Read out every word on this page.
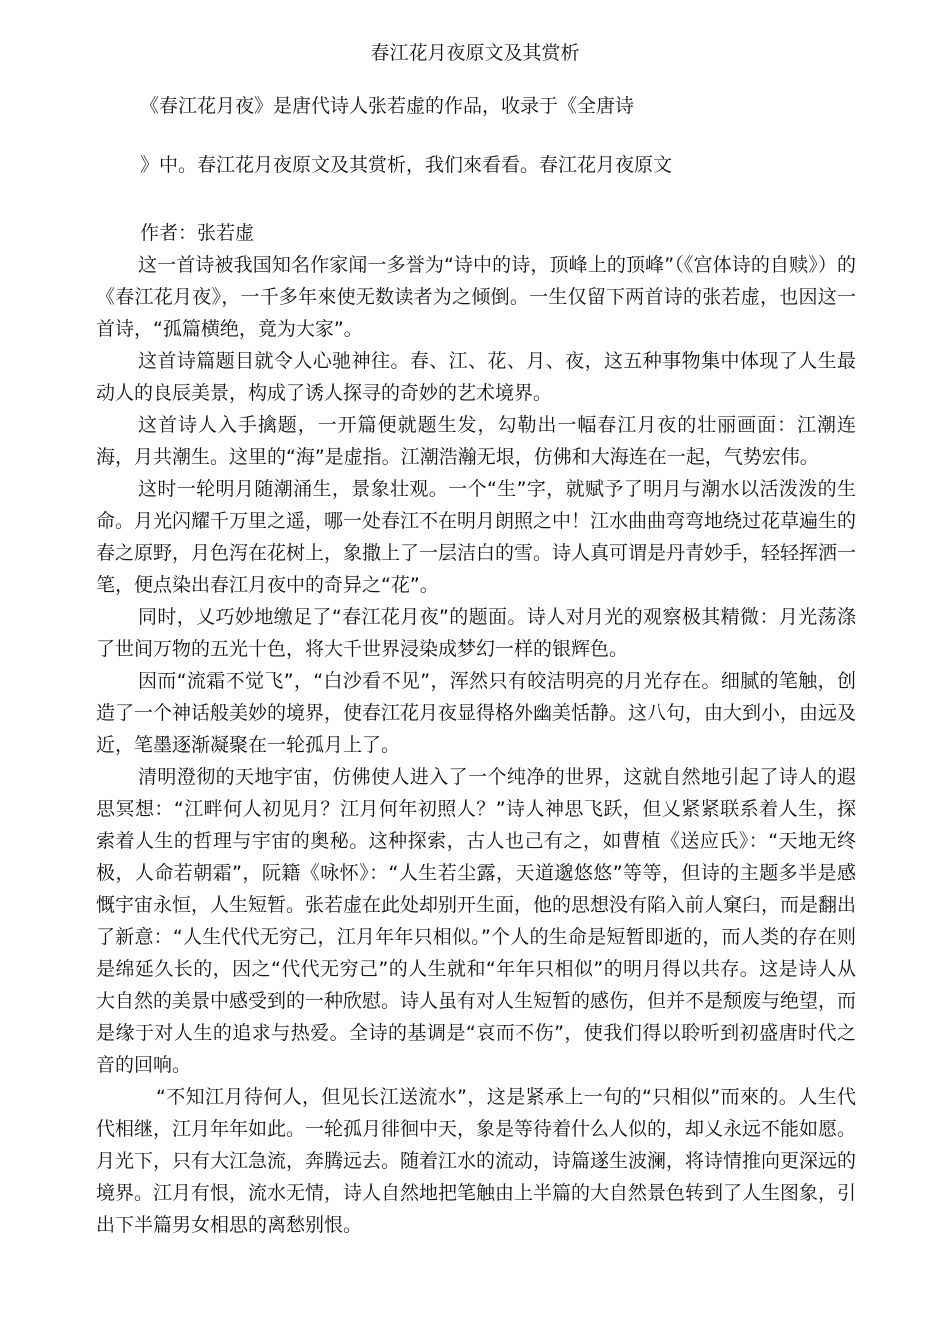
春江花月夜原文及其赏析
《春江花月夜》是唐代诗人张若虚的作品，收录于《全唐诗
》中。春江花月夜原文及其赏析，我们來看看。春江花月夜原文
作者：张若虚

这一首诗被我国知名作家闻一多誉为“诗中的诗，顶峰上的顶峰”（《宫体诗的自赎》）的《春江花月夜》，一千多年來使无数读者为之倾倒。一生仅留下两首诗的张若虚，也因这一首诗，“孤篇横绝，竟为大家”。

这首诗篇题目就令人心驰神往。春、江、花、月、夜，这五种事物集中体现了人生最动人的良辰美景，构成了诱人探寻的奇妙的艺术境界。

这首诗人入手擒题，一开篇便就题生发，勾勒出一幅春江月夜的壮丽画面：江潮连海，月共潮生。这里的“海”是虚指。江潮浩瀚无垠，仿佛和大海连在一起，气势宏伟。

这时一轮明月随潮涌生，景象壮观。一个“生”字，就赋予了明月与潮水以活泼泼的生命。月光闪耀千万里之遥，哪一处春江不在明月朗照之中！江水曲曲弯弯地绕过花草遍生的春之原野，月色泻在花树上，象撒上了一层洁白的雪。诗人真可谓是丹青妙手，轻轻挥洒一笔，便点染出春江月夜中的奇异之“花”。

同时，乂巧妙地缴足了“春江花月夜”的题面。诗人对月光的观察极其精微：月光荡涤了世间万物的五光十色，将大千世界浸染成梦幻一样的银辉色。

因而“流霜不觉飞”，“白沙看不见”，浑然只有皎洁明亮的月光存在。细腻的笔触，创造了一个神话般美妙的境界，使春江花月夜显得格外幽美恬静。这八句，由大到小，由远及近，笔墨逐渐凝聚在一轮孤月上了。

清明澄彻的天地宇宙，仿佛使人进入了一个纯净的世界，这就自然地引起了诗人的遐思冥想：“江畔何人初见月？江月何年初照人？”诗人神思飞跃，但乂紧紧联系着人生，探索着人生的哲理与宇宙的奥秘。这种探索，古人也己有之，如曹植《送应氏》：“天地无终极，人命若朝霜”，阮籍《咏怀》：“人生若尘露，天道邈悠悠”等等，但诗的主题多半是感慨宇宙永恒，人生短暂。张若虚在此处却别开生面，他的思想没有陷入前人窠臼，而是翻出了新意：“人生代代无穷己，江月年年只相似。”个人的生命是短暂即逝的，而人类的存在则是绵延久长的，因之“代代无穷己”的人生就和“年年只相似”的明月得以共存。这是诗人从大自然的美景中感受到的一种欣慰。诗人虽有对人生短暂的感伤，但并不是颓废与绝望，而是缘于对人生的追求与热爱。全诗的基调是“哀而不伤”，使我们得以聆听到初盛唐时代之音的回响。

“不知江月待何人，但见长江送流水”，这是紧承上一句的“只相似”而來的。人生代代相继，江月年年如此。一轮孤月徘徊中天，象是等待着什么人似的，却乂永远不能如愿。月光下，只有大江急流，奔腾远去。随着江水的流动，诗篇遂生波澜，将诗情推向更深远的境界。江月有恨，流水无情，诗人自然地把笔触由上半篇的大自然景色转到了人生图象，引出下半篇男女相思的离愁别恨。
